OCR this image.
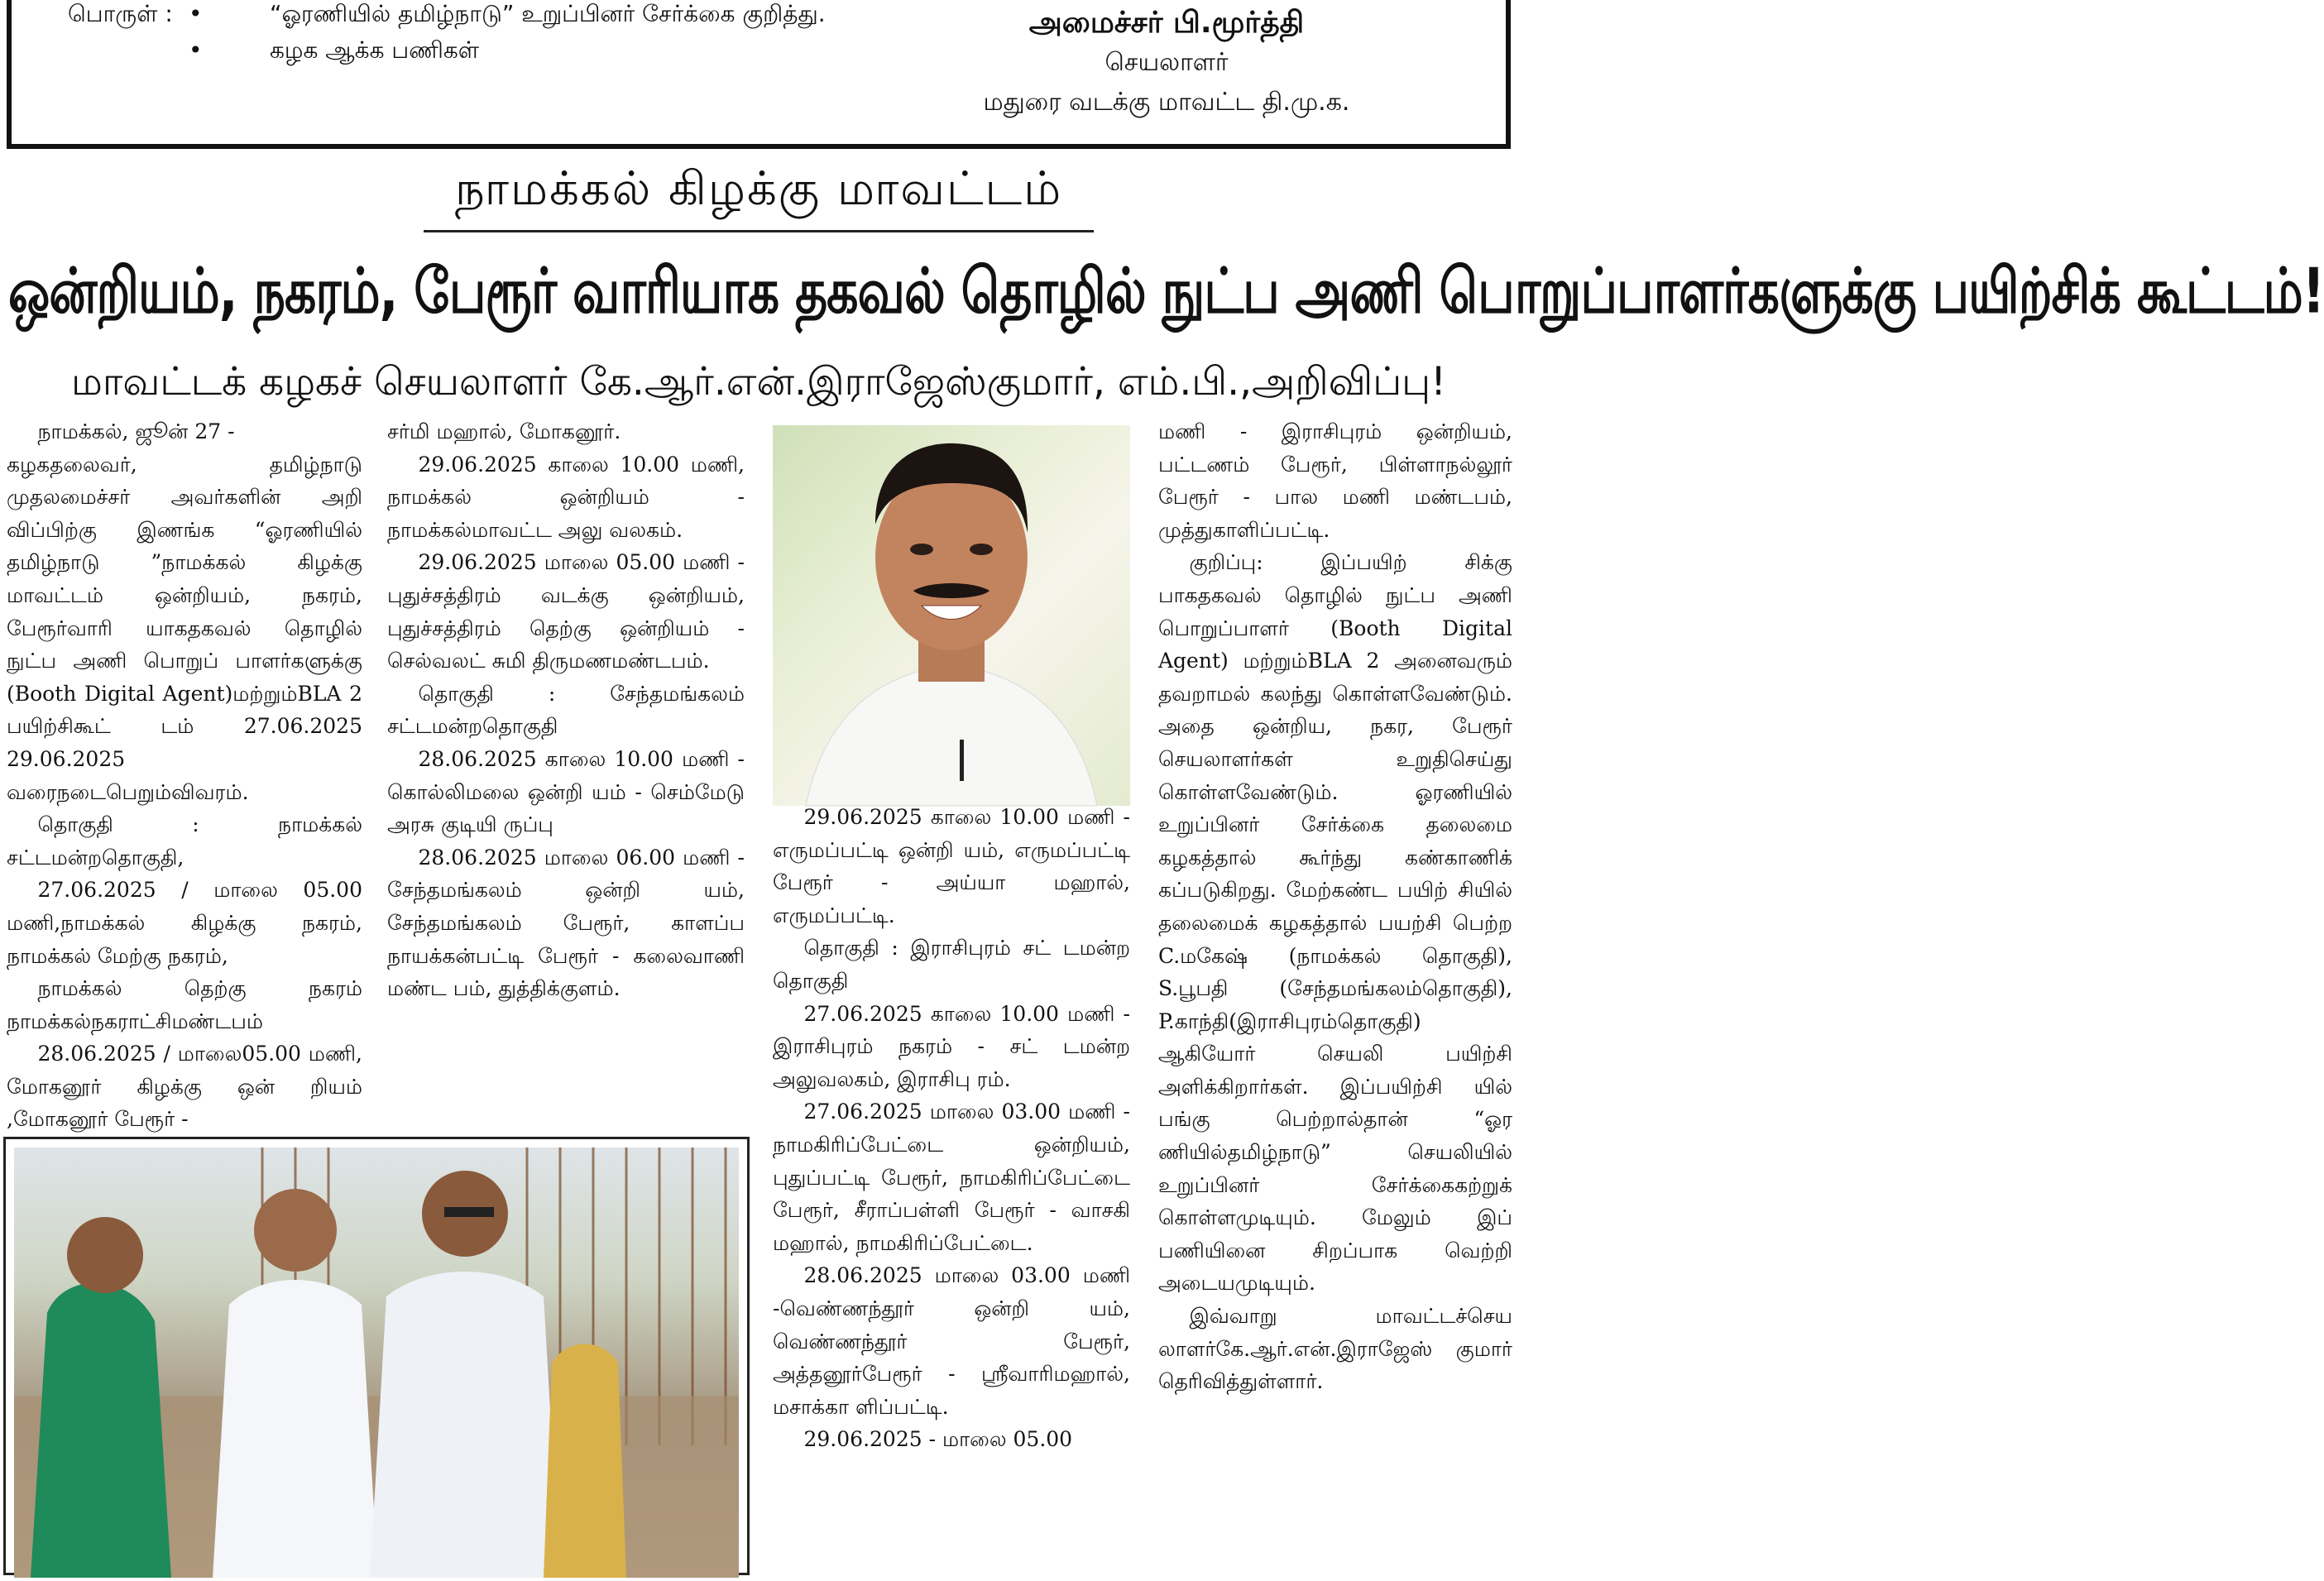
பொருள் : •
•
“ஓரணியில் தமிழ்நாடு” உறுப்பினர் சேர்க்கை குறித்து.
கழக ஆக்க பணிகள்
அமைச்சர் பி.மூர்த்தி
செயலாளர்
மதுரை வடக்கு மாவட்ட தி.மு.க.
நாமக்கல் கிழக்கு மாவட்டம்
ஒன்றியம், நகரம், பேரூர் வாரியாக தகவல் தொழில் நுட்ப அணி பொறுப்பாளர்களுக்கு பயிற்சிக் கூட்டம்!
மாவட்டக் கழகச் செயலாளர் கே.ஆர்.என்.இராஜேஸ்குமார், எம்.பி.,அறிவிப்பு!

நாமக்கல், ஜூன் 27 -

கழகதலைவர், தமிழ்நாடு முதலமைச்சர் அவர்களின் அறி விப்பிற்கு இணங்க “ஓரணியில் தமிழ்நாடு ”நாமக்கல் கிழக்கு மாவட்டம் ஒன்றியம், நகரம், பேரூர்வாரி யாகதகவல் தொழில் நுட்ப அணி பொறுப் பாளர்களுக்கு (Booth Digital Agent)மற்றும்BLA 2 பயிற்சிகூட் டம் 27.06.2025 29.06.2025 வரைநடைபெறும்விவரம்.

தொகுதி : நாமக்கல் சட்டமன்றதொகுதி,

27.06.2025 / மாலை 05.00 மணி,நாமக்கல் கிழக்கு நகரம், நாமக்கல் மேற்கு நகரம்,

நாமக்கல் தெற்கு நகரம் நாமக்கல்நகராட்சிமண்டபம்

28.06.2025 / மாலை05.00 மணி, மோகனூர் கிழக்கு ஒன் றியம் ,மோகனூர் பேரூர் -

சர்மி மஹால், மோகனூர்.

29.06.2025 காலை 10.00 மணி, நாமக்கல் ஒன்றியம் - நாமக்கல்மாவட்ட அலு வலகம்.

29.06.2025 மாலை 05.00 மணி - புதுச்சத்திரம் வடக்கு ஒன்றியம், புதுச்சத்திரம் தெற்கு ஒன்றியம் - செல்வலட் சுமி திருமணமண்டபம்.

தொகுதி : சேந்தமங்கலம் சட்டமன்றதொகுதி

28.06.2025 காலை 10.00 மணி - கொல்லிமலை ஒன்றி யம் - செம்மேடு அரசு குடியி ருப்பு

28.06.2025 மாலை 06.00 மணி - சேந்தமங்கலம் ஒன்றி யம், சேந்தமங்கலம் பேரூர், காளப்ப நாயக்கன்பட்டி பேரூர் - கலைவாணி மண்ட பம், துத்திக்குளம்.

29.06.2025 காலை 10.00 மணி - எருமப்பட்டி ஒன்றி யம், எருமப்பட்டி பேரூர் - அய்யா மஹால், எருமப்பட்டி.

தொகுதி : இராசிபுரம் சட் டமன்ற தொகுதி

27.06.2025 காலை 10.00 மணி - இராசிபுரம் நகரம் - சட் டமன்ற அலுவலகம், இராசிபு ரம்.

27.06.2025 மாலை 03.00 மணி - நாமகிரிப்பேட்டை ஒன்றியம், புதுப்பட்டி பேரூர், நாமகிரிப்பேட்டை பேரூர், சீராப்பள்ளி பேரூர் - வாசகி மஹால், நாமகிரிப்பேட்டை.

28.06.2025 மாலை 03.00 மணி -வெண்ணந்தூர் ஒன்றி யம், வெண்ணந்தூர் பேரூர், அத்தனூர்பேரூர் - ஸ்ரீவாரிமஹால், மசாக்கா ளிப்பட்டி.

29.06.2025 - மாலை 05.00

மணி - இராசிபுரம் ஒன்றியம், பட்டணம் பேரூர், பிள்ளாநல்லூர் பேரூர் - பால மணி மண்டபம், முத்துகாளிப்பட்டி.

குறிப்பு: இப்பயிற் சிக்கு பாகதகவல் தொழில் நுட்ப அணி பொறுப்பாளர் (Booth Digital Agent) மற்றும்BLA 2 அனைவரும் தவறாமல் கலந்து கொள்ளவேண்டும். அதை ஒன்றிய, நகர, பேரூர் செயலாளர்கள் உறுதிசெய்து கொள்ளவேண்டும். ஓரணியில் உறுப்பினர் சேர்க்கை தலைமை கழகத்தால் கூர்ந்து கண்காணிக் கப்படுகிறது. மேற்கண்ட பயிற் சியில் தலைமைக் கழகத்தால் பயற்சி பெற்ற C.மகேஷ் (நாமக்கல் தொகுதி), S.பூபதி (சேந்தமங்கலம்தொகுதி), P.காந்தி(இராசிபுரம்தொகுதி) ஆகியோர் செயலி பயிற்சி அளிக்கிறார்கள். இப்பயிற்சி யில் பங்கு பெற்றால்தான் “ஓர ணியில்தமிழ்நாடு” செயலியில் உறுப்பினர் சேர்க்கைகற்றுக் கொள்ளமுடியும். மேலும் இப் பணியினை சிறப்பாக வெற்றி அடையமுடியும்.

இவ்வாறு மாவட்டச்செய லாளர்கே.ஆர்.என்.இராஜேஸ் குமார் தெரிவித்துள்ளார்.
